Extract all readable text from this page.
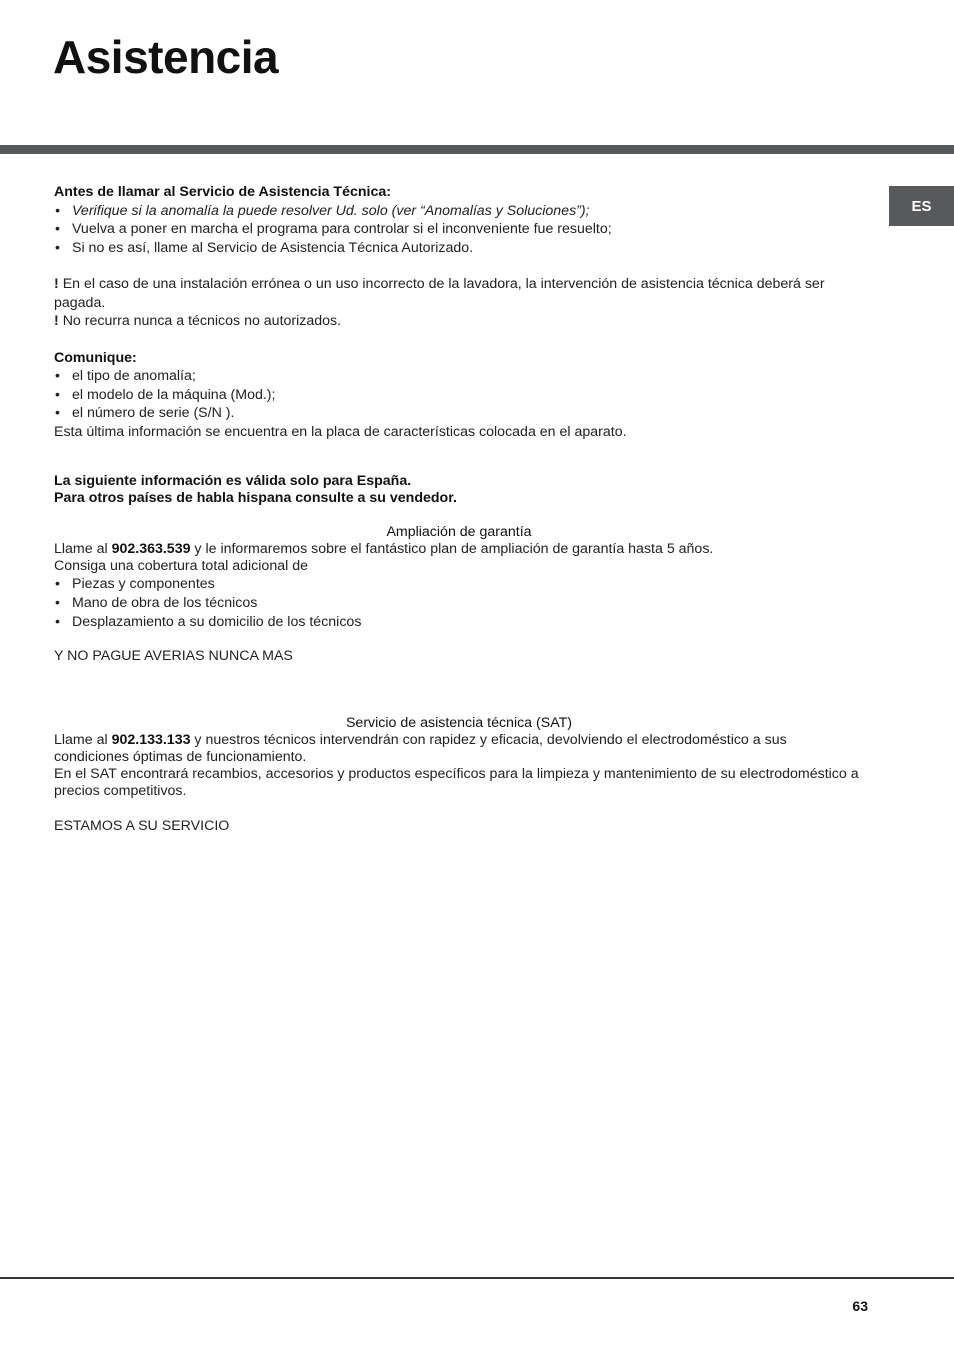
Asistencia
ES

Antes de llamar al Servicio de Asistencia Técnica:

• Verifique si la anomalía la puede resolver Ud. solo (ver “Anomalías y Soluciones”);
• Vuelva a poner en marcha el programa para controlar si el inconveniente fue resuelto;
• Si no es así, llame al Servicio de Asistencia Técnica Autorizado.

! En el caso de una instalación errónea o un uso incorrecto de la lavadora, la intervención de asistencia técnica deberá ser pagada.

! No recurra nunca a técnicos no autorizados.

Comunique:

• el tipo de anomalía;
• el modelo de la máquina (Mod.);
• el número de serie (S/N ).

Esta última información se encuentra en la placa de características colocada en el aparato.

La siguiente información es válida solo para España.

Para otros países de habla hispana consulte a su vendedor.

Ampliación de garantía

Llame al 902.363.539 y le informaremos sobre el fantástico plan de ampliación de garantía hasta 5 años.

Consiga una cobertura total adicional de

• Piezas y componentes
• Mano de obra de los técnicos
• Desplazamiento a su domicilio de los técnicos

Y NO PAGUE AVERIAS NUNCA MAS

Servicio de asistencia técnica (SAT)

Llame al 902.133.133 y nuestros técnicos intervendrán con rapidez y eficacia, devolviendo el electrodoméstico a sus condiciones óptimas de funcionamiento.

En el SAT encontrará recambios, accesorios y productos específicos para la limpieza y mantenimiento de su electrodoméstico a precios competitivos.

ESTAMOS A SU SERVICIO

63
